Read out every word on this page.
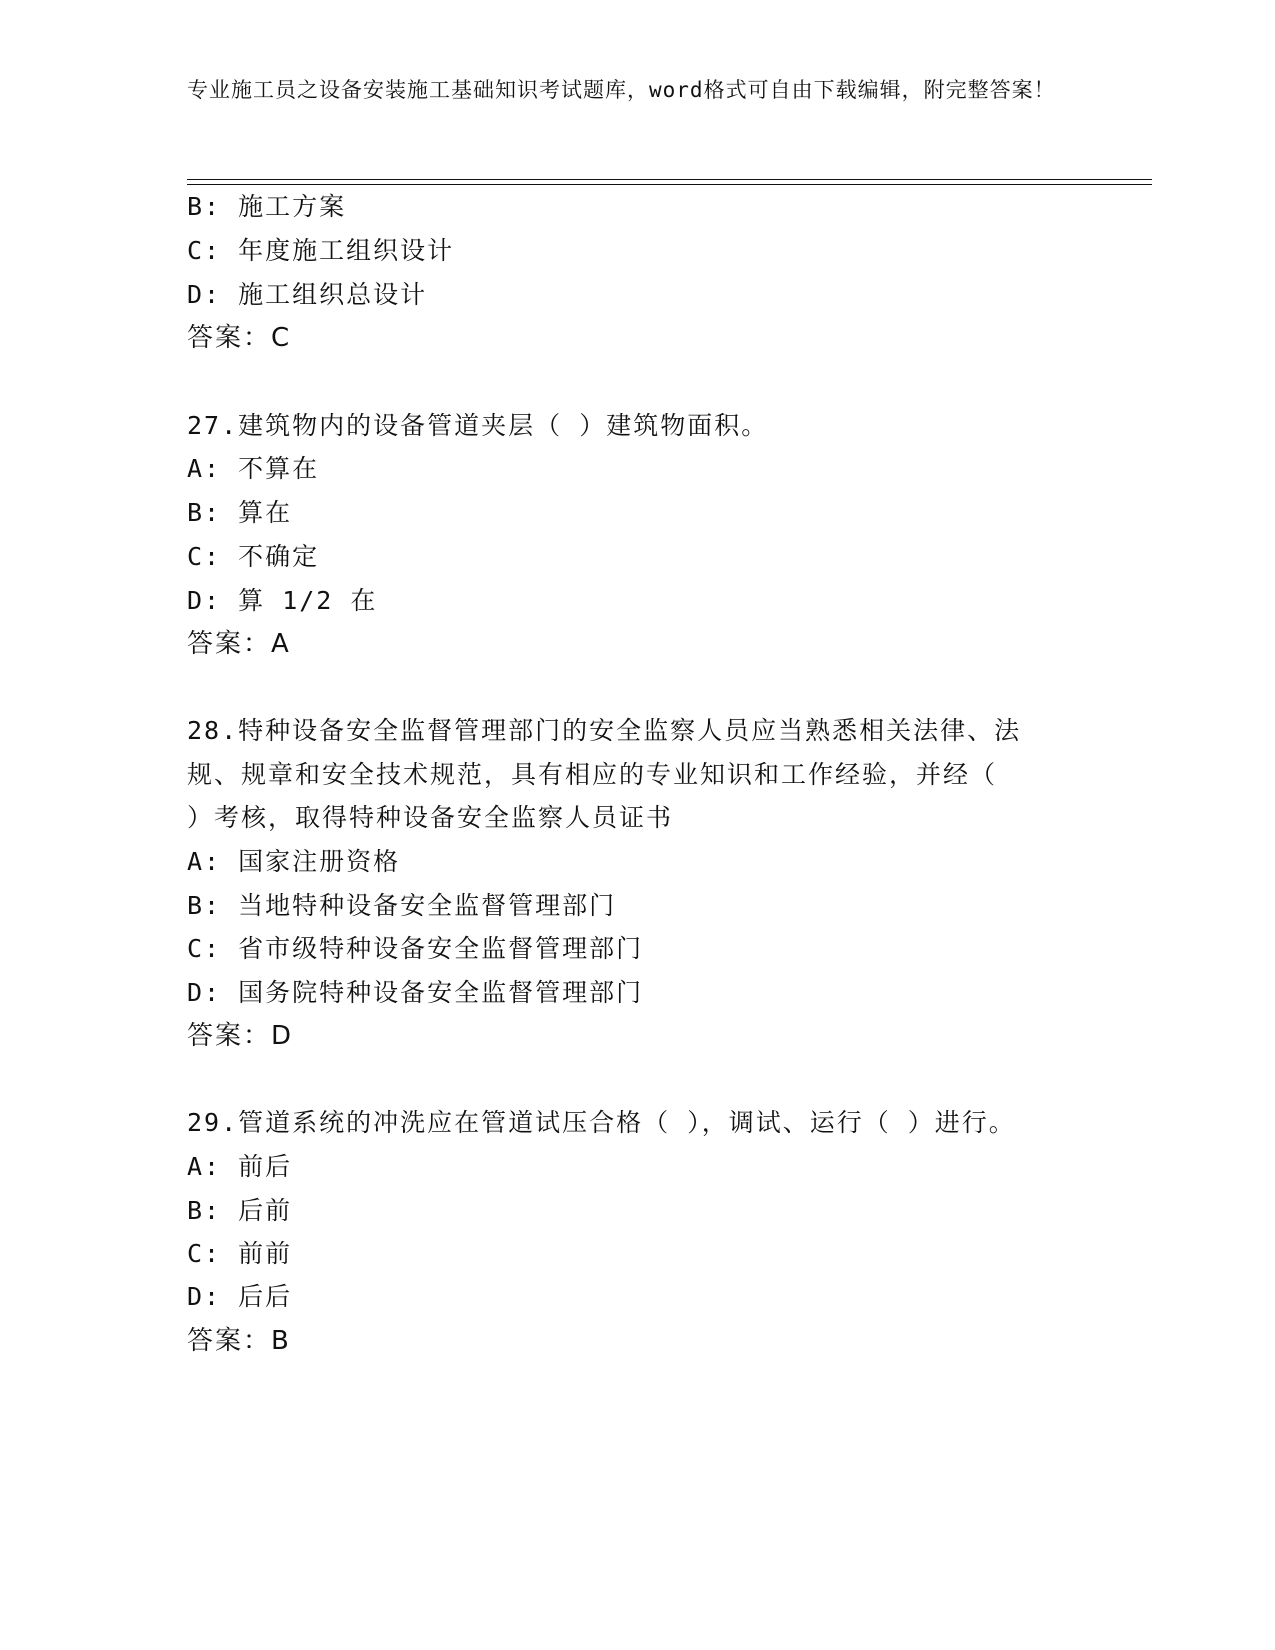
专业施工员之设备安装施工基础知识考试题库，word格式可自由下载编辑，附完整答案！
B: 施工方案
C: 年度施工组织设计
D: 施工组织总设计
答案：C
27.建筑物内的设备管道夹层（ ）建筑物面积。
A: 不算在
B: 算在
C: 不确定
D: 算 1/2 在
答案：A
28.特种设备安全监督管理部门的安全监察人员应当熟悉相关法律、法
规、规章和安全技术规范，具有相应的专业知识和工作经验，并经（
）考核，取得特种设备安全监察人员证书
A: 国家注册资格
B: 当地特种设备安全监督管理部门
C: 省市级特种设备安全监督管理部门
D: 国务院特种设备安全监督管理部门
答案：D
29.管道系统的冲洗应在管道试压合格（ ），调试、运行（ ）进行。
A: 前后
B: 后前
C: 前前
D: 后后
答案：B
